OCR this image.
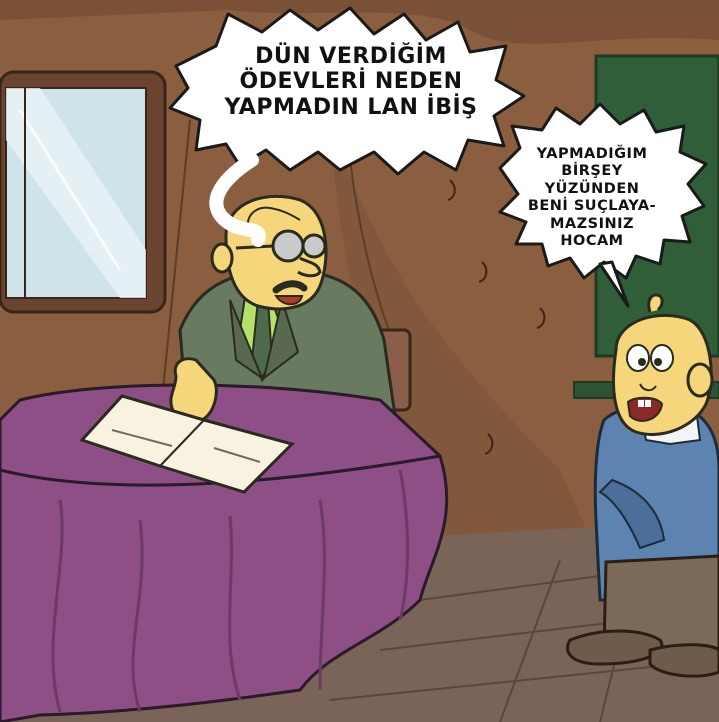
DÜN VERDİĞİM
ÖDEVLERİ NEDEN
YAPMADIN LAN İBİŞ
YAPMADIĞIM
BİRŞEY
YÜZÜNDEN
BENİ SUÇLAYA-
MAZSINIZ
HOCAM
